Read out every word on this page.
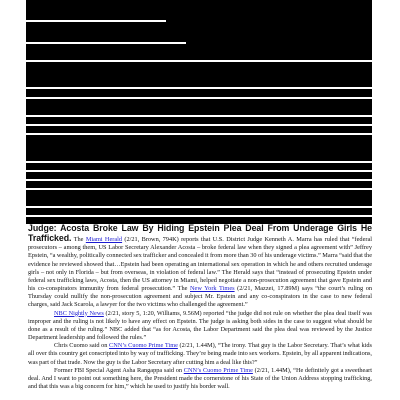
Judge: Acosta Broke Law By Hiding Epstein Plea Deal From Underage Girls He Trafficked. The Miami Herald (2/21, Brown, 794K) reports that U.S. District Judge Kenneth A. Marra has ruled that “federal prosecutors – among them, US Labor Secretary Alexander Acosta – broke federal law when they signed a plea agreement with” Jeffrey Epstein, “a wealthy, politically connected sex trafficker and concealed it from more than 30 of his underage victims.” Marra “said that the evidence he reviewed showed that…Epstein had been operating an international sex operation in which he and others recruited underage girls – not only in Florida – but from overseas, in violation of federal law.” The Herald says that “instead of prosecuting Epstein under federal sex trafficking laws, Acosta, then the US attorney in Miami, helped negotiate a non-prosecution agreement that gave Epstein and his co-conspirators immunity from federal prosecution.” The New York Times (2/21, Mazzei, 17.89M) says “the court’s ruling on Thursday could nullify the non-prosecution agreement and subject Mr. Epstein and any co-conspirators in the case to new federal charges, said Jack Scarola, a lawyer for the two victims who challenged the agreement.”

NBC Nightly News (2/21, story 5, 1:20, Williams, 9.56M) reported “the judge did not rule on whether the plea deal itself was improper and the ruling is not likely to have any effect on Epstein. The judge is asking both sides in the case to suggest what should be done as a result of the ruling.” NBC added that “as for Acosta, the Labor Department said the plea deal was reviewed by the Justice Department leadership and followed the rules.”

Chris Cuomo said on CNN’s Cuomo Prime Time (2/21, 1.44M), “The irony. That guy is the Labor Secretary. That’s what kids all over this country get conscripted into by way of trafficking. They’re being made into sex workers. Epstein, by all apparent indications, was part of that trade. Now the guy is the Labor Secretary after cutting him a deal like this?”

Former FBI Special Agent Asha Rangappa said on CNN’s Cuomo Prime Time (2/21, 1.44M), “He definitely got a sweetheart deal. And I want to point out something here, the President made the cornerstone of his State of the Union Address stopping trafficking, and that this was a big concern for him,” which he used to justify his border wall.
